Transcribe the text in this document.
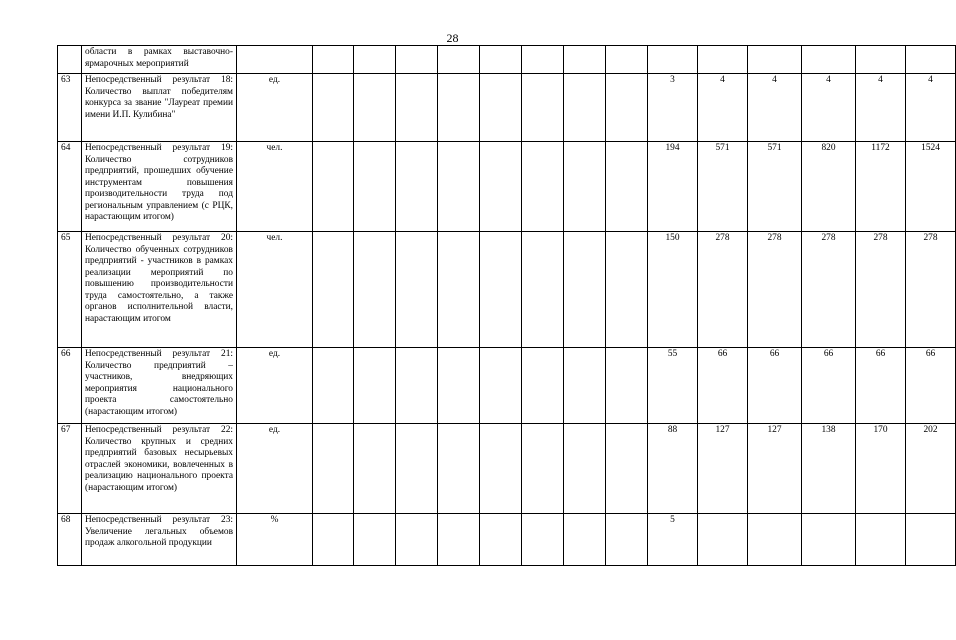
28
	области в рамках выставочно-ярмарочных мероприятий															
63	Непосредственный результат 18: Количество выплат победителям конкурса за звание "Лауреат премии имени И.П. Кулибина"	ед.									3	4	4	4	4	4
64	Непосредственный результат 19: Количество сотрудников предприятий, прошедших обучение инструментам повышения производительности труда под региональным управлением (с РЦК, нарастающим итогом)	чел.									194	571	571	820	1172	1524
65	Непосредственный результат 20: Количество обученных сотрудников предприятий - участников в рамках реализации мероприятий по повышению производительности труда самостоятельно, а также органов исполнительной власти, нарастающим итогом	чел.									150	278	278	278	278	278
66	Непосредственный результат 21: Количество предприятий – участников, внедряющих мероприятия национального проекта самостоятельно (нарастающим итогом)	ед.									55	66	66	66	66	66
67	Непосредственный результат 22: Количество крупных и средних предприятий базовых несырьевых отраслей экономики, вовлеченных в реализацию национального проекта (нарастающим итогом)	ед.									88	127	127	138	170	202
68	Непосредственный результат 23: Увеличение легальных объемов продаж алкогольной продукции	%									5					
